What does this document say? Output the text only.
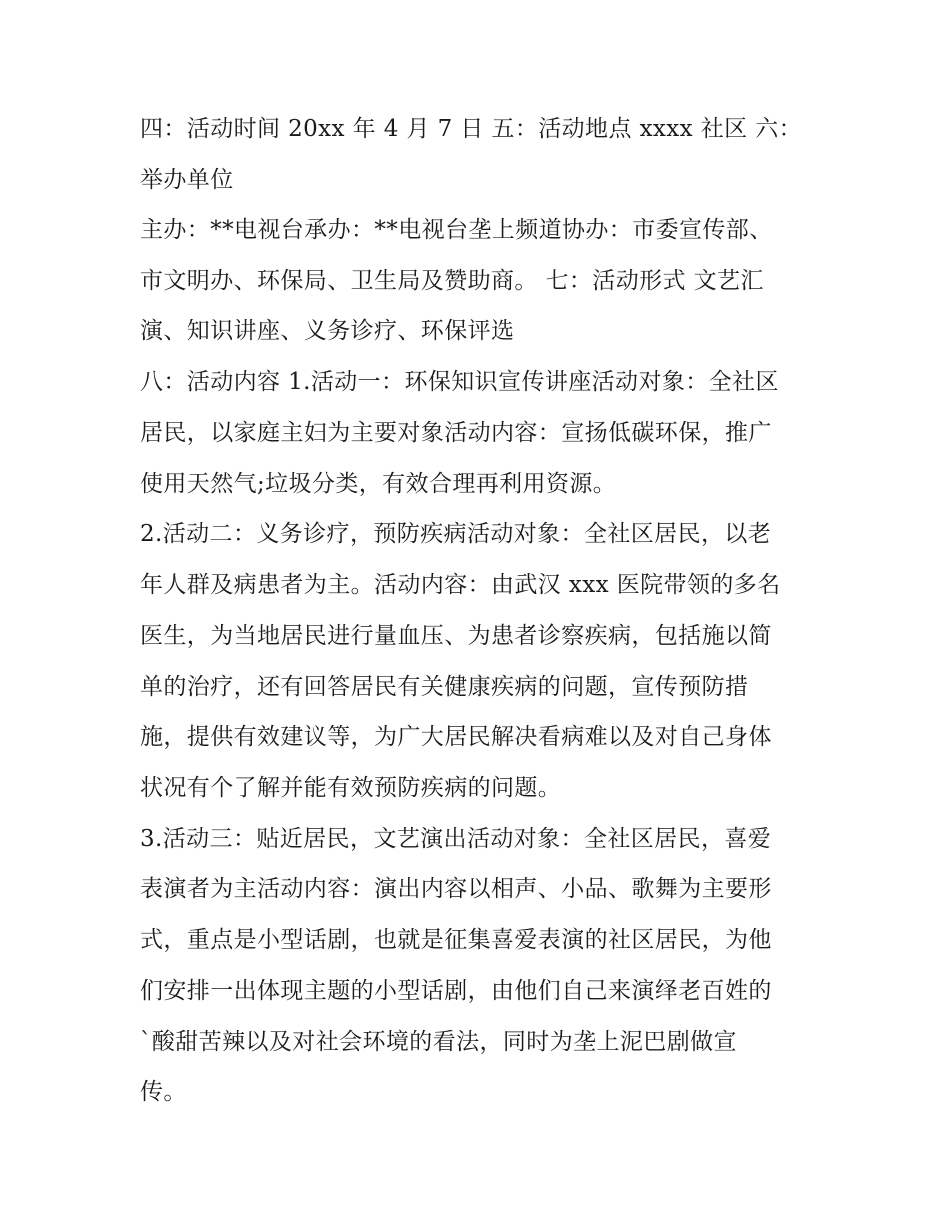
四：活动时间 20xx 年 4 月 7 日 五：活动地点 xxxx 社区 六：

举办单位

主办：**电视台承办：**电视台垄上频道协办：市委宣传部、

市文明办、环保局、卫生局及赞助商。 七：活动形式 文艺汇

演、知识讲座、义务诊疗、环保评选

八：活动内容 1.活动一：环保知识宣传讲座活动对象：全社区

居民，以家庭主妇为主要对象活动内容：宣扬低碳环保，推广

使用天然气;垃圾分类，有效合理再利用资源。

2.活动二：义务诊疗，预防疾病活动对象：全社区居民，以老

年人群及病患者为主。活动内容：由武汉 xxx 医院带领的多名

医生，为当地居民进行量血压、为患者诊察疾病，包括施以简

单的治疗，还有回答居民有关健康疾病的问题，宣传预防措

施，提供有效建议等，为广大居民解决看病难以及对自己身体

状况有个了解并能有效预防疾病的问题。

3.活动三：贴近居民，文艺演出活动对象：全社区居民，喜爱

表演者为主活动内容：演出内容以相声、小品、歌舞为主要形

式，重点是小型话剧，也就是征集喜爱表演的社区居民，为他

们安排一出体现主题的小型话剧，由他们自己来演绎老百姓的

`酸甜苦辣以及对社会环境的看法，同时为垄上泥巴剧做宣

传。
